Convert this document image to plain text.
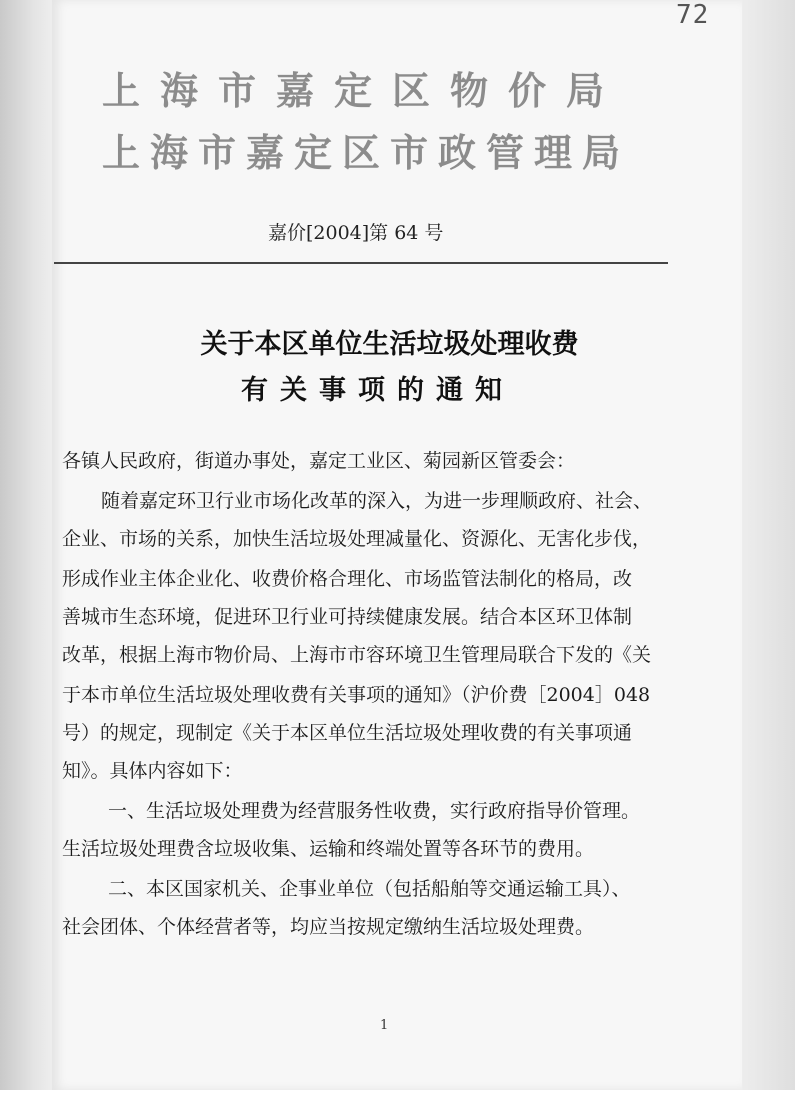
72

上海市嘉定区物价局
上海市嘉定区市政管理局

嘉价[2004]第 64 号

关于本区单位生活垃圾处理收费
有关事项的通知

各镇人民政府，街道办事处，嘉定工业区、菊园新区管委会：

随着嘉定环卫行业市场化改革的深入，为进一步理顺政府、社会、

企业、市场的关系，加快生活垃圾处理减量化、资源化、无害化步伐，

形成作业主体企业化、收费价格合理化、市场监管法制化的格局，改

善城市生态环境，促进环卫行业可持续健康发展。结合本区环卫体制

改革，根据上海市物价局、上海市市容环境卫生管理局联合下发的《关

于本市单位生活垃圾处理收费有关事项的通知》（沪价费［2004］048

号）的规定，现制定《关于本区单位生活垃圾处理收费的有关事项通

知》。具体内容如下：

一、生活垃圾处理费为经营服务性收费，实行政府指导价管理。

生活垃圾处理费含垃圾收集、运输和终端处置等各环节的费用。

二、本区国家机关、企事业单位（包括船舶等交通运输工具）、

社会团体、个体经营者等，均应当按规定缴纳生活垃圾处理费。

1
